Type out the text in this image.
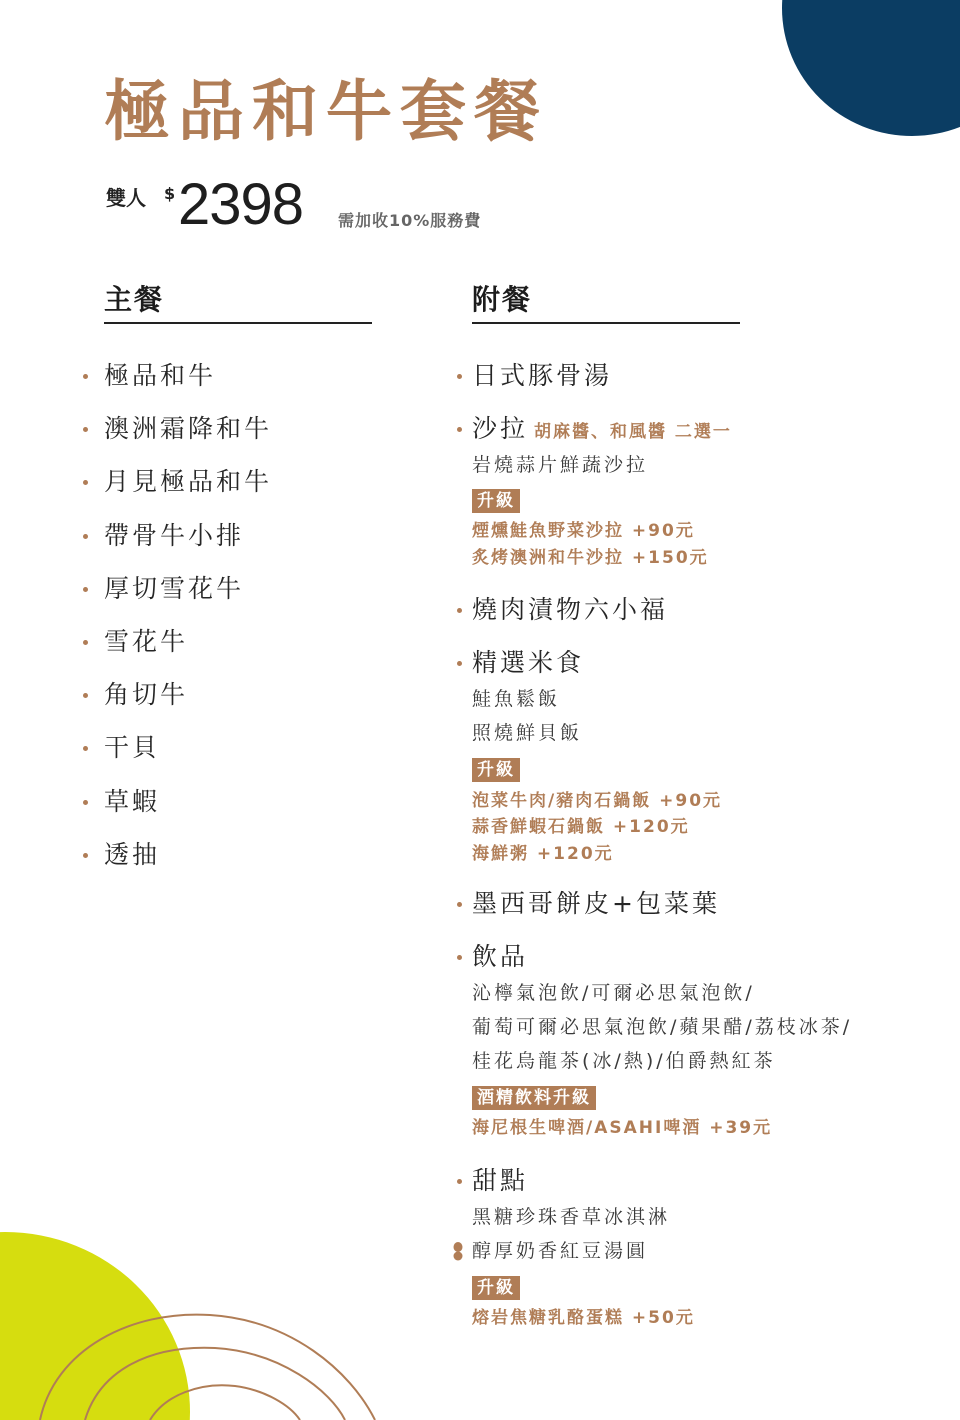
極品和牛套餐
雙人 $ 2398 需加收10%服務費
主餐
極品和牛
澳洲霜降和牛
月見極品和牛
帶骨牛小排
厚切雪花牛
雪花牛
角切牛
干貝
草蝦
透抽
附餐
日式豚骨湯
沙拉 胡麻醬、和風醬 二選一
岩燒蒜片鮮蔬沙拉
升級
煙燻鮭魚野菜沙拉 +90元
炙烤澳洲和牛沙拉 +150元
燒肉漬物六小福
精選米食
鮭魚鬆飯
照燒鮮貝飯
升級
泡菜牛肉/豬肉石鍋飯 +90元
蒜香鮮蝦石鍋飯 +120元
海鮮粥 +120元
墨西哥餅皮+包菜葉
飲品
沁檸氣泡飲/可爾必思氣泡飲/
葡萄可爾必思氣泡飲/蘋果醋/荔枝冰茶/
桂花烏龍茶(冰/熱)/伯爵熱紅茶
酒精飲料升級
海尼根生啤酒/ASAHI啤酒 +39元
甜點
黑糖珍珠香草冰淇淋
醇厚奶香紅豆湯圓
升級
熔岩焦糖乳酪蛋糕 +50元
